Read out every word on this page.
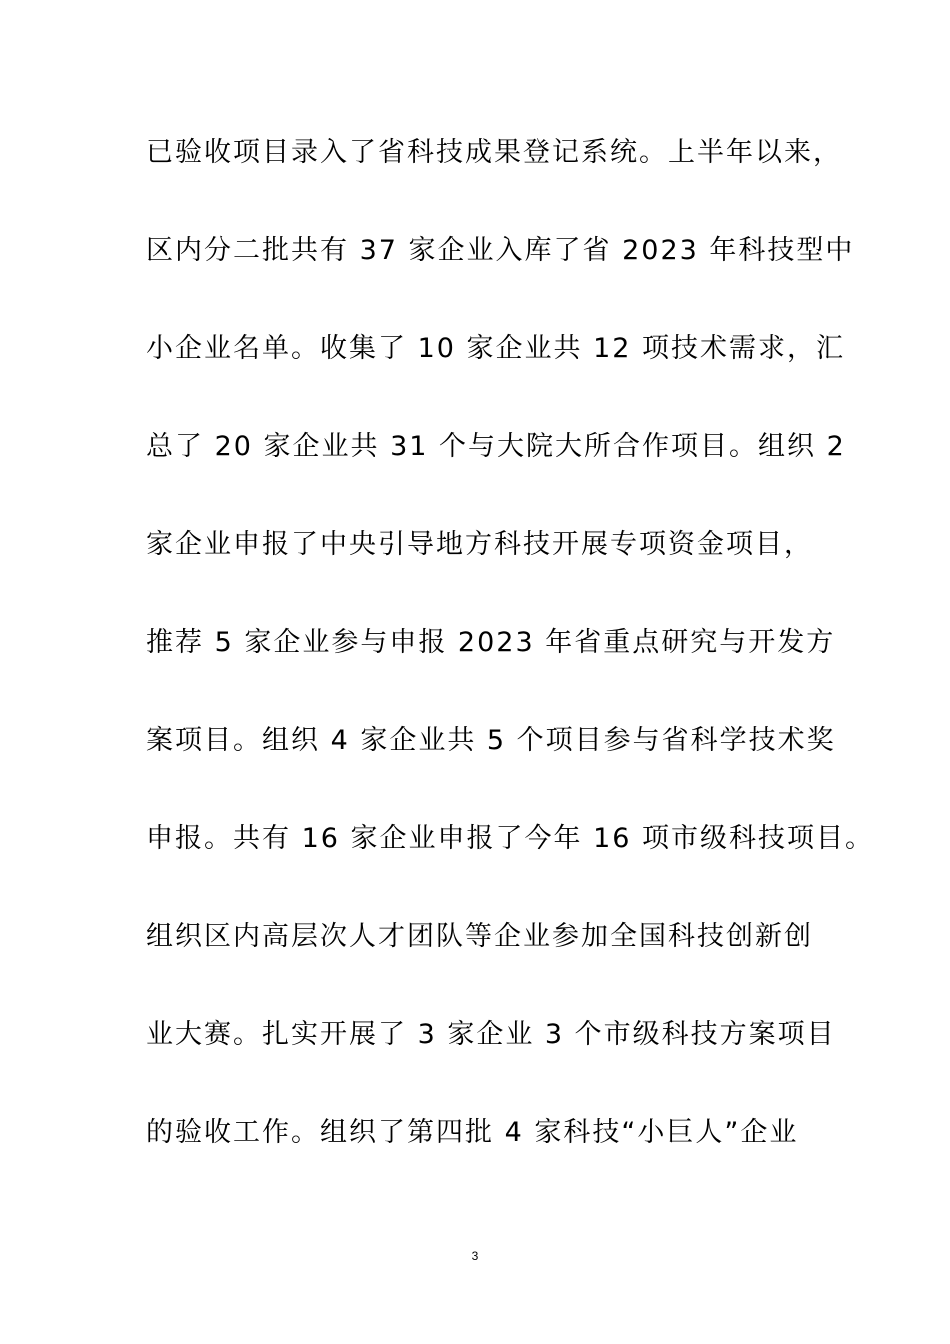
已验收项目录入了省科技成果登记系统。上半年以来，
区内分二批共有 37 家企业入库了省 2023 年科技型中
小企业名单。收集了 10 家企业共 12 项技术需求，汇
总了 20 家企业共 31 个与大院大所合作项目。组织 2
家企业申报了中央引导地方科技开展专项资金项目，
推荐 5 家企业参与申报 2023 年省重点研究与开发方
案项目。组织 4 家企业共 5 个项目参与省科学技术奖
申报。共有 16 家企业申报了今年 16 项市级科技项目。
组织区内高层次人才团队等企业参加全国科技创新创
业大赛。扎实开展了 3 家企业 3 个市级科技方案项目
的验收工作。组织了第四批 4 家科技“小巨人”企业
3
